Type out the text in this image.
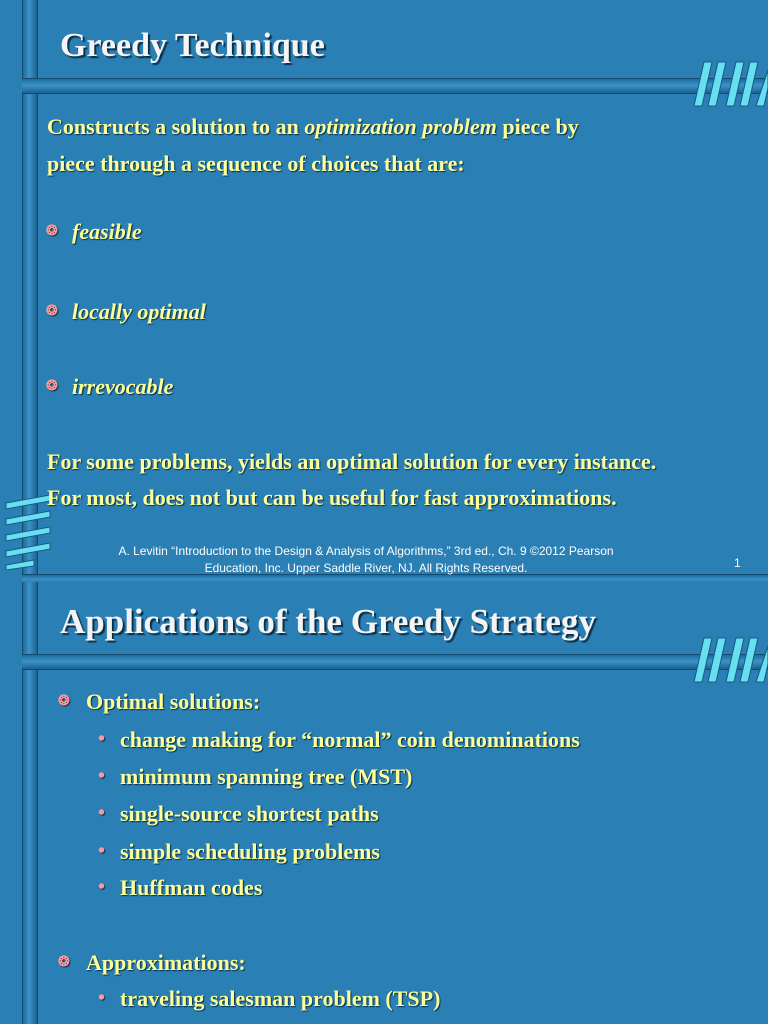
Greedy Technique
Constructs a solution to an optimization problem piece by
piece through a sequence of choices that are:
❂ feasible
❂ locally optimal
❂ irrevocable
For some problems, yields an optimal solution for every instance.
For most, does not but can be useful for fast approximations.
A. Levitin “Introduction to the Design & Analysis of Algorithms,” 3rd ed., Ch. 9 ©2012 Pearson
Education, Inc. Upper Saddle River, NJ. All Rights Reserved.	1
Applications of the Greedy Strategy
❂ Optimal solutions:
• change making for “normal” coin denominations
• minimum spanning tree (MST)
• single-source shortest paths
• simple scheduling problems
• Huffman codes
❂ Approximations:
• traveling salesman problem (TSP)
